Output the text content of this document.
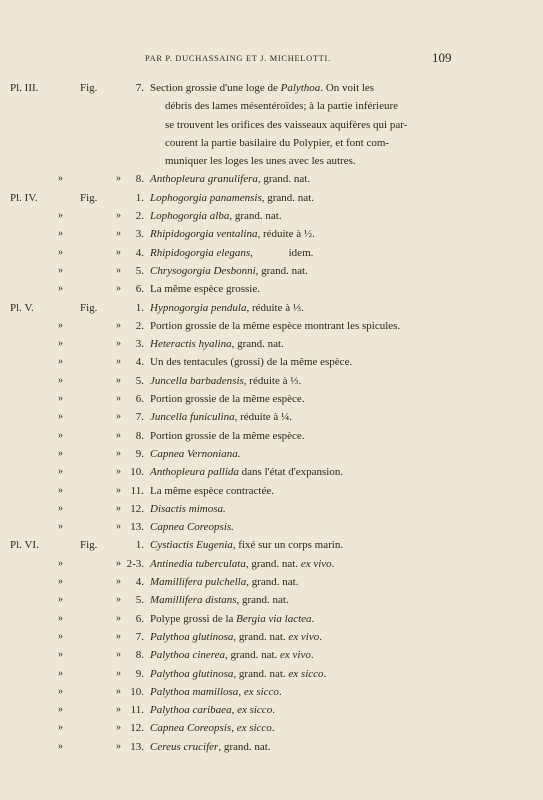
PAR P. DUCHASSAING ET J. MICHELOTTI.	109
Pl. III.	Fig.	7. Section grossie d'une loge de Palythoa. On voit les
débris des lames mésentéroïdes; à la partie inférieure
se trouvent les orifices des vaisseaux aquifères qui par-
courent la partie basilaire du Polypier, et font com-
muniquer les loges les unes avec les autres.
»	»	8. Anthopleura granulifera, grand. nat.
Pl. IV.	Fig.	1. Lophogorgia panamensis, grand. nat.
»	»	2. Lophogorgia alba, grand. nat.
»	»	3. Rhipidogorgia ventalina, réduite à ½.
»	»	4. Rhipidogorgia elegans,             idem.
»	»	5. Chrysogorgia Desbonni, grand. nat.
»	»	6. La même espèce grossie.
Pl. V.	Fig.	1. Hypnogorgia pendula, réduite à ⅓.
»	»	2. Portion grossie de la même espèce montrant les spicules.
»	»	3. Heteractis hyalina, grand. nat.
»	»	4. Un des tentacules (grossi) de la même espèce.
»	»	5. Juncella barbadensis, réduite à ⅓.
»	»	6. Portion grossie de la même espèce.
»	»	7. Juncella funiculina, réduite à ¼.
»	»	8. Portion grossie de la même espèce.
»	»	9. Capnea Vernoniana.
»	» 10. Anthopleura pallida dans l'état d'expansion.
»	» 11. La même espèce contractée.
»	» 12. Disactis mimosa.
»	» 13. Capnea Coreopsis.
Pl. VI.	Fig.	1. Cystiactis Eugenia, fixé sur un corps marin.
»	» 2-3. Antinedia tuberculata, grand. nat. ex vivo.
»	»	4. Mamillifera pulchella, grand. nat.
»	»	5. Mamillifera distans, grand. nat.
»	»	6. Polype grossi de la Bergia via lactea.
»	»	7. Palythoa glutinosa, grand. nat. ex vivo.
»	»	8. Palythoa cinerea, grand. nat. ex vivo.
»	»	9. Palythoa glutinosa, grand. nat. ex sicco.
»	» 10. Palythoa mamillosa, ex sicco.
»	» 11. Palythoa caribaea, ex sicco.
»	» 12. Capnea Coreopsis, ex sicco.
»	» 13. Cereus crucifer, grand. nat.
